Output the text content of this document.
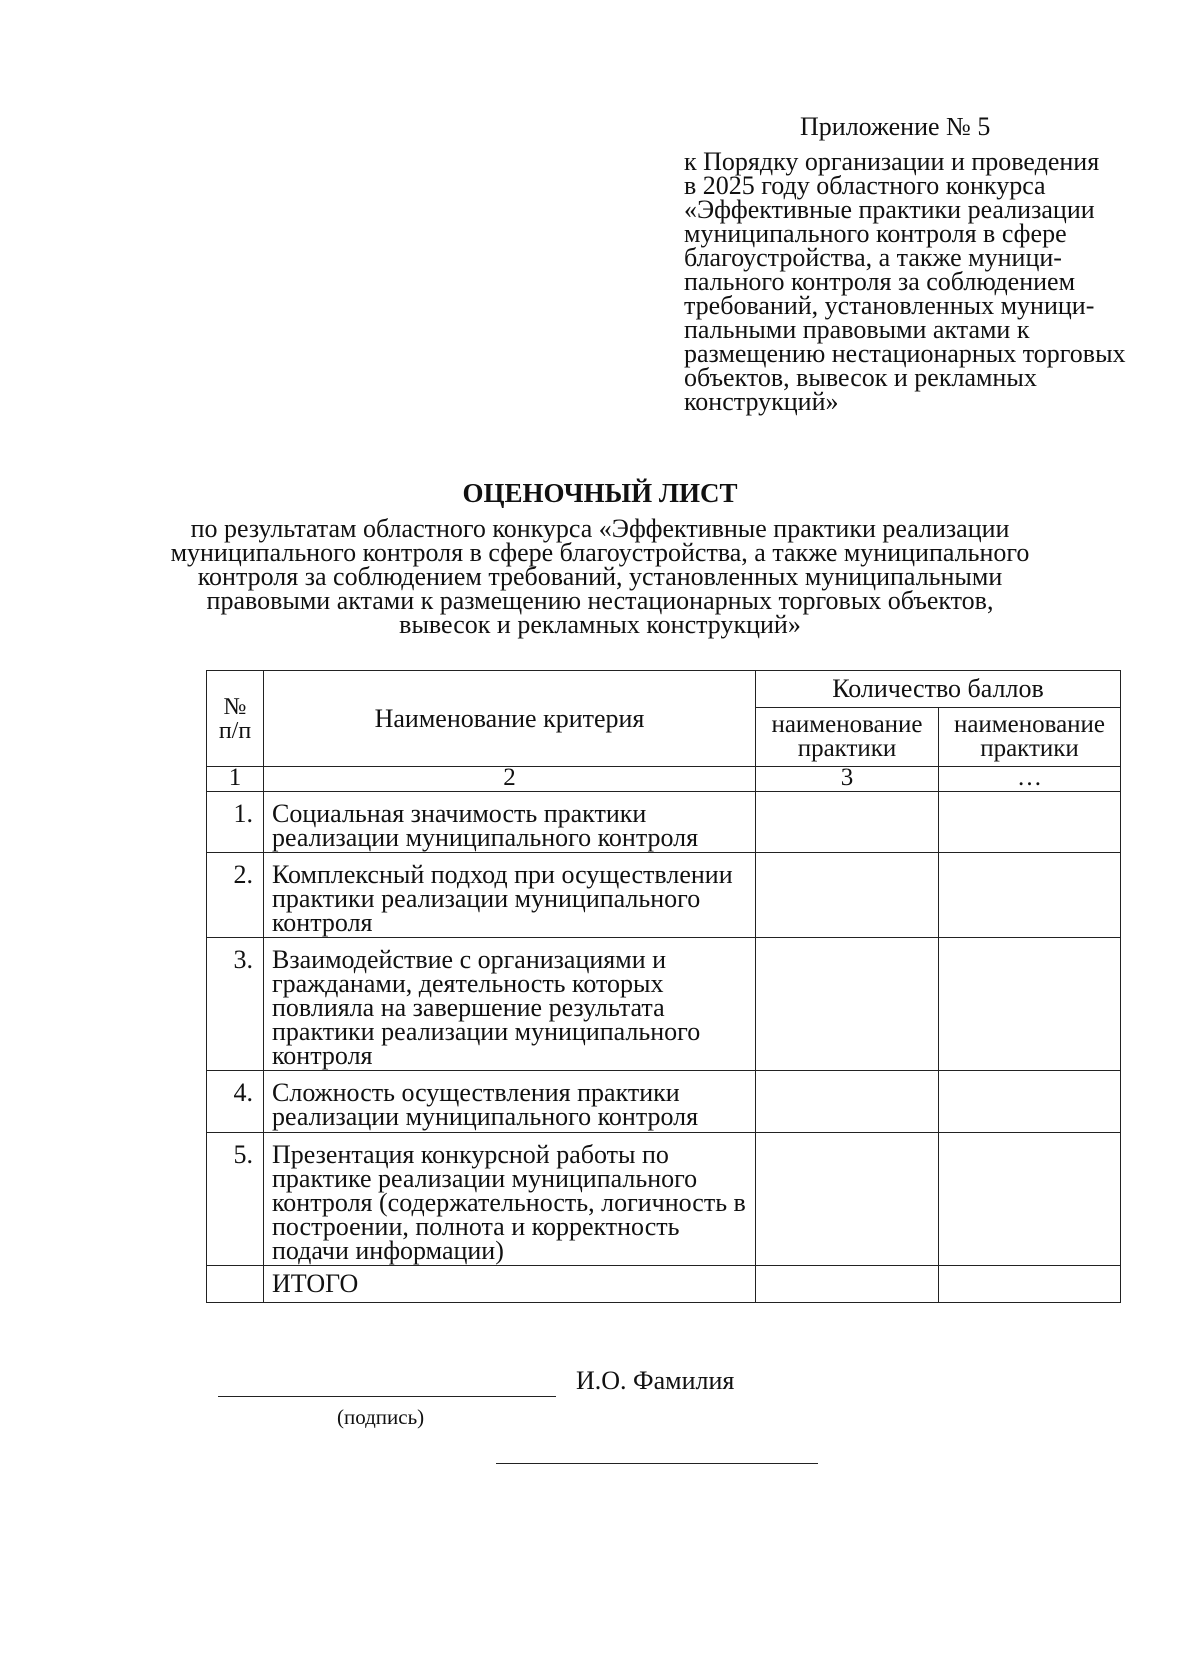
Приложение № 5
к Порядку организации и проведения
в 2025 году областного конкурса
«Эффективные практики реализации
муниципального контроля в сфере
благоустройства, а также муници-
пального контроля за соблюдением
требований, установленных муници-
пальными правовыми актами к
размещению нестационарных торговых
объектов, вывесок и рекламных
конструкций»
ОЦЕНОЧНЫЙ ЛИСТ
по результатам областного конкурса «Эффективные практики реализации
муниципального контроля в сфере благоустройства, а также муниципального
контроля за соблюдением требований, установленных муниципальными
правовыми актами к размещению нестационарных торговых объектов,
вывесок и рекламных конструкций»
№
п/п	Наименование критерия	Количество баллов	
		наименование практики	наименование практики
1	2	3	…
1.	Социальная значимость практики реализации муниципального контроля		
2.	Комплексный подход при осуществлении практики реализации муниципального контроля		
3.	Взаимодействие с организациями и гражданами, деятельность которых повлияла на завершение результата практики реализации муниципального контроля		
4.	Сложность осуществления практики реализации муниципального контроля		
5.	Презентация конкурсной работы по практике реализации муниципального контроля (содержательность, логичность в построении, полнота и корректность подачи информации)		
	ИТОГО		
И.О. Фамилия
(подпись)
